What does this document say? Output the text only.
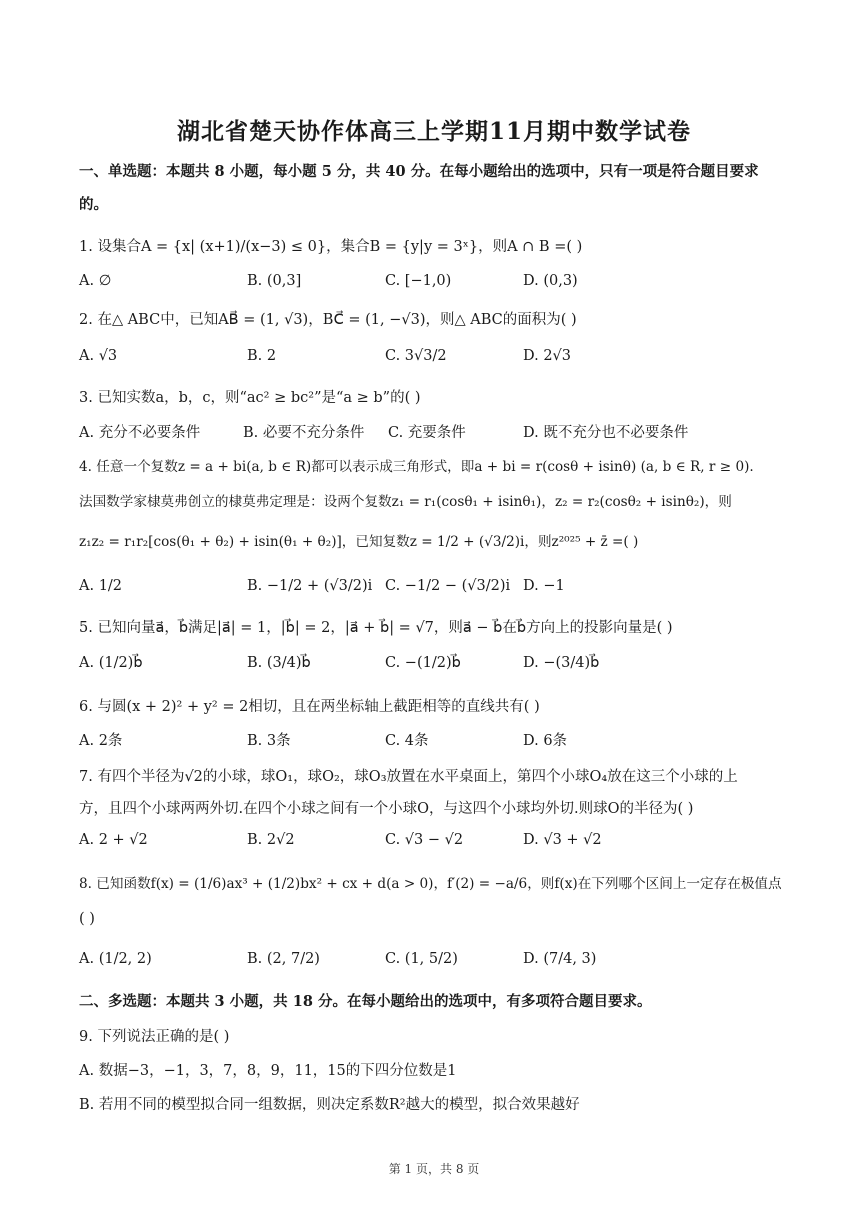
湖北省楚天协作体高三上学期11月期中数学试卷
一、单选题：本题共 8 小题，每小题 5 分，共 40 分。在每小题给出的选项中，只有一项是符合题目要求
的。
1. 设集合A = {x| (x+1)/(x−3) ≤ 0}，集合B = {y|y = 3ˣ}，则A ∩ B =( )
A. ∅	B. (0,3]	C. [−1,0)	D. (0,3)
2. 在△ ABC中，已知AB⃗ = (1, √3)，BC⃗ = (1, −√3)，则△ ABC的面积为( )
A. √3	B. 2	C. 3√3/2	D. 2√3
3. 已知实数a，b，c，则“ac² ≥ bc²”是“a ≥ b”的( )
A. 充分不必要条件	B. 必要不充分条件 C. 充要条件	D. 既不充分也不必要条件
4. 任意一个复数z = a + bi(a, b ∈ R)都可以表示成三角形式，即a + bi = r(cosθ + isinθ) (a, b ∈ R, r ≥ 0).
法国数学家棣莫弗创立的棣莫弗定理是：设两个复数z₁ = r₁(cosθ₁ + isinθ₁)，z₂ = r₂(cosθ₂ + isinθ₂)，则
z₁z₂ = r₁r₂[cos(θ₁ + θ₂) + isin(θ₁ + θ₂)]，已知复数z = 1/2 + (√3/2)i，则z²⁰²⁵ + z̄ =( )
A. 1/2	B. −1/2 + (√3/2)i C. −1/2 − (√3/2)i D. −1
5. 已知向量a⃗，b⃗满足|a⃗| = 1，|b⃗| = 2，|a⃗ + b⃗| = √7，则a⃗ − b⃗在b⃗方向上的投影向量是( )
A. (1/2)b⃗	B. (3/4)b⃗	C. −(1/2)b⃗	D. −(3/4)b⃗
6. 与圆(x + 2)² + y² = 2相切，且在两坐标轴上截距相等的直线共有( )
A. 2条	B. 3条	C. 4条	D. 6条
7. 有四个半径为√2的小球，球O₁，球O₂，球O₃放置在水平桌面上，第四个小球O₄放在这三个小球的上
方，且四个小球两两外切.在四个小球之间有一个小球O，与这四个小球均外切.则球O的半径为( )
A. 2 + √2	B. 2√2	C. √3 − √2	D. √3 + √2
8. 已知函数f(x) = (1/6)ax³ + (1/2)bx² + cx + d(a > 0)，f′(2) = −a/6，则f(x)在下列哪个区间上一定存在极值点
( )
A. (1/2, 2)	B. (2, 7/2)	C. (1, 5/2)	D. (7/4, 3)
二、多选题：本题共 3 小题，共 18 分。在每小题给出的选项中，有多项符合题目要求。
9. 下列说法正确的是( )
A. 数据−3，−1，3，7，8，9，11，15的下四分位数是1
B. 若用不同的模型拟合同一组数据，则决定系数R²越大的模型，拟合效果越好
第 1 页，共 8 页
